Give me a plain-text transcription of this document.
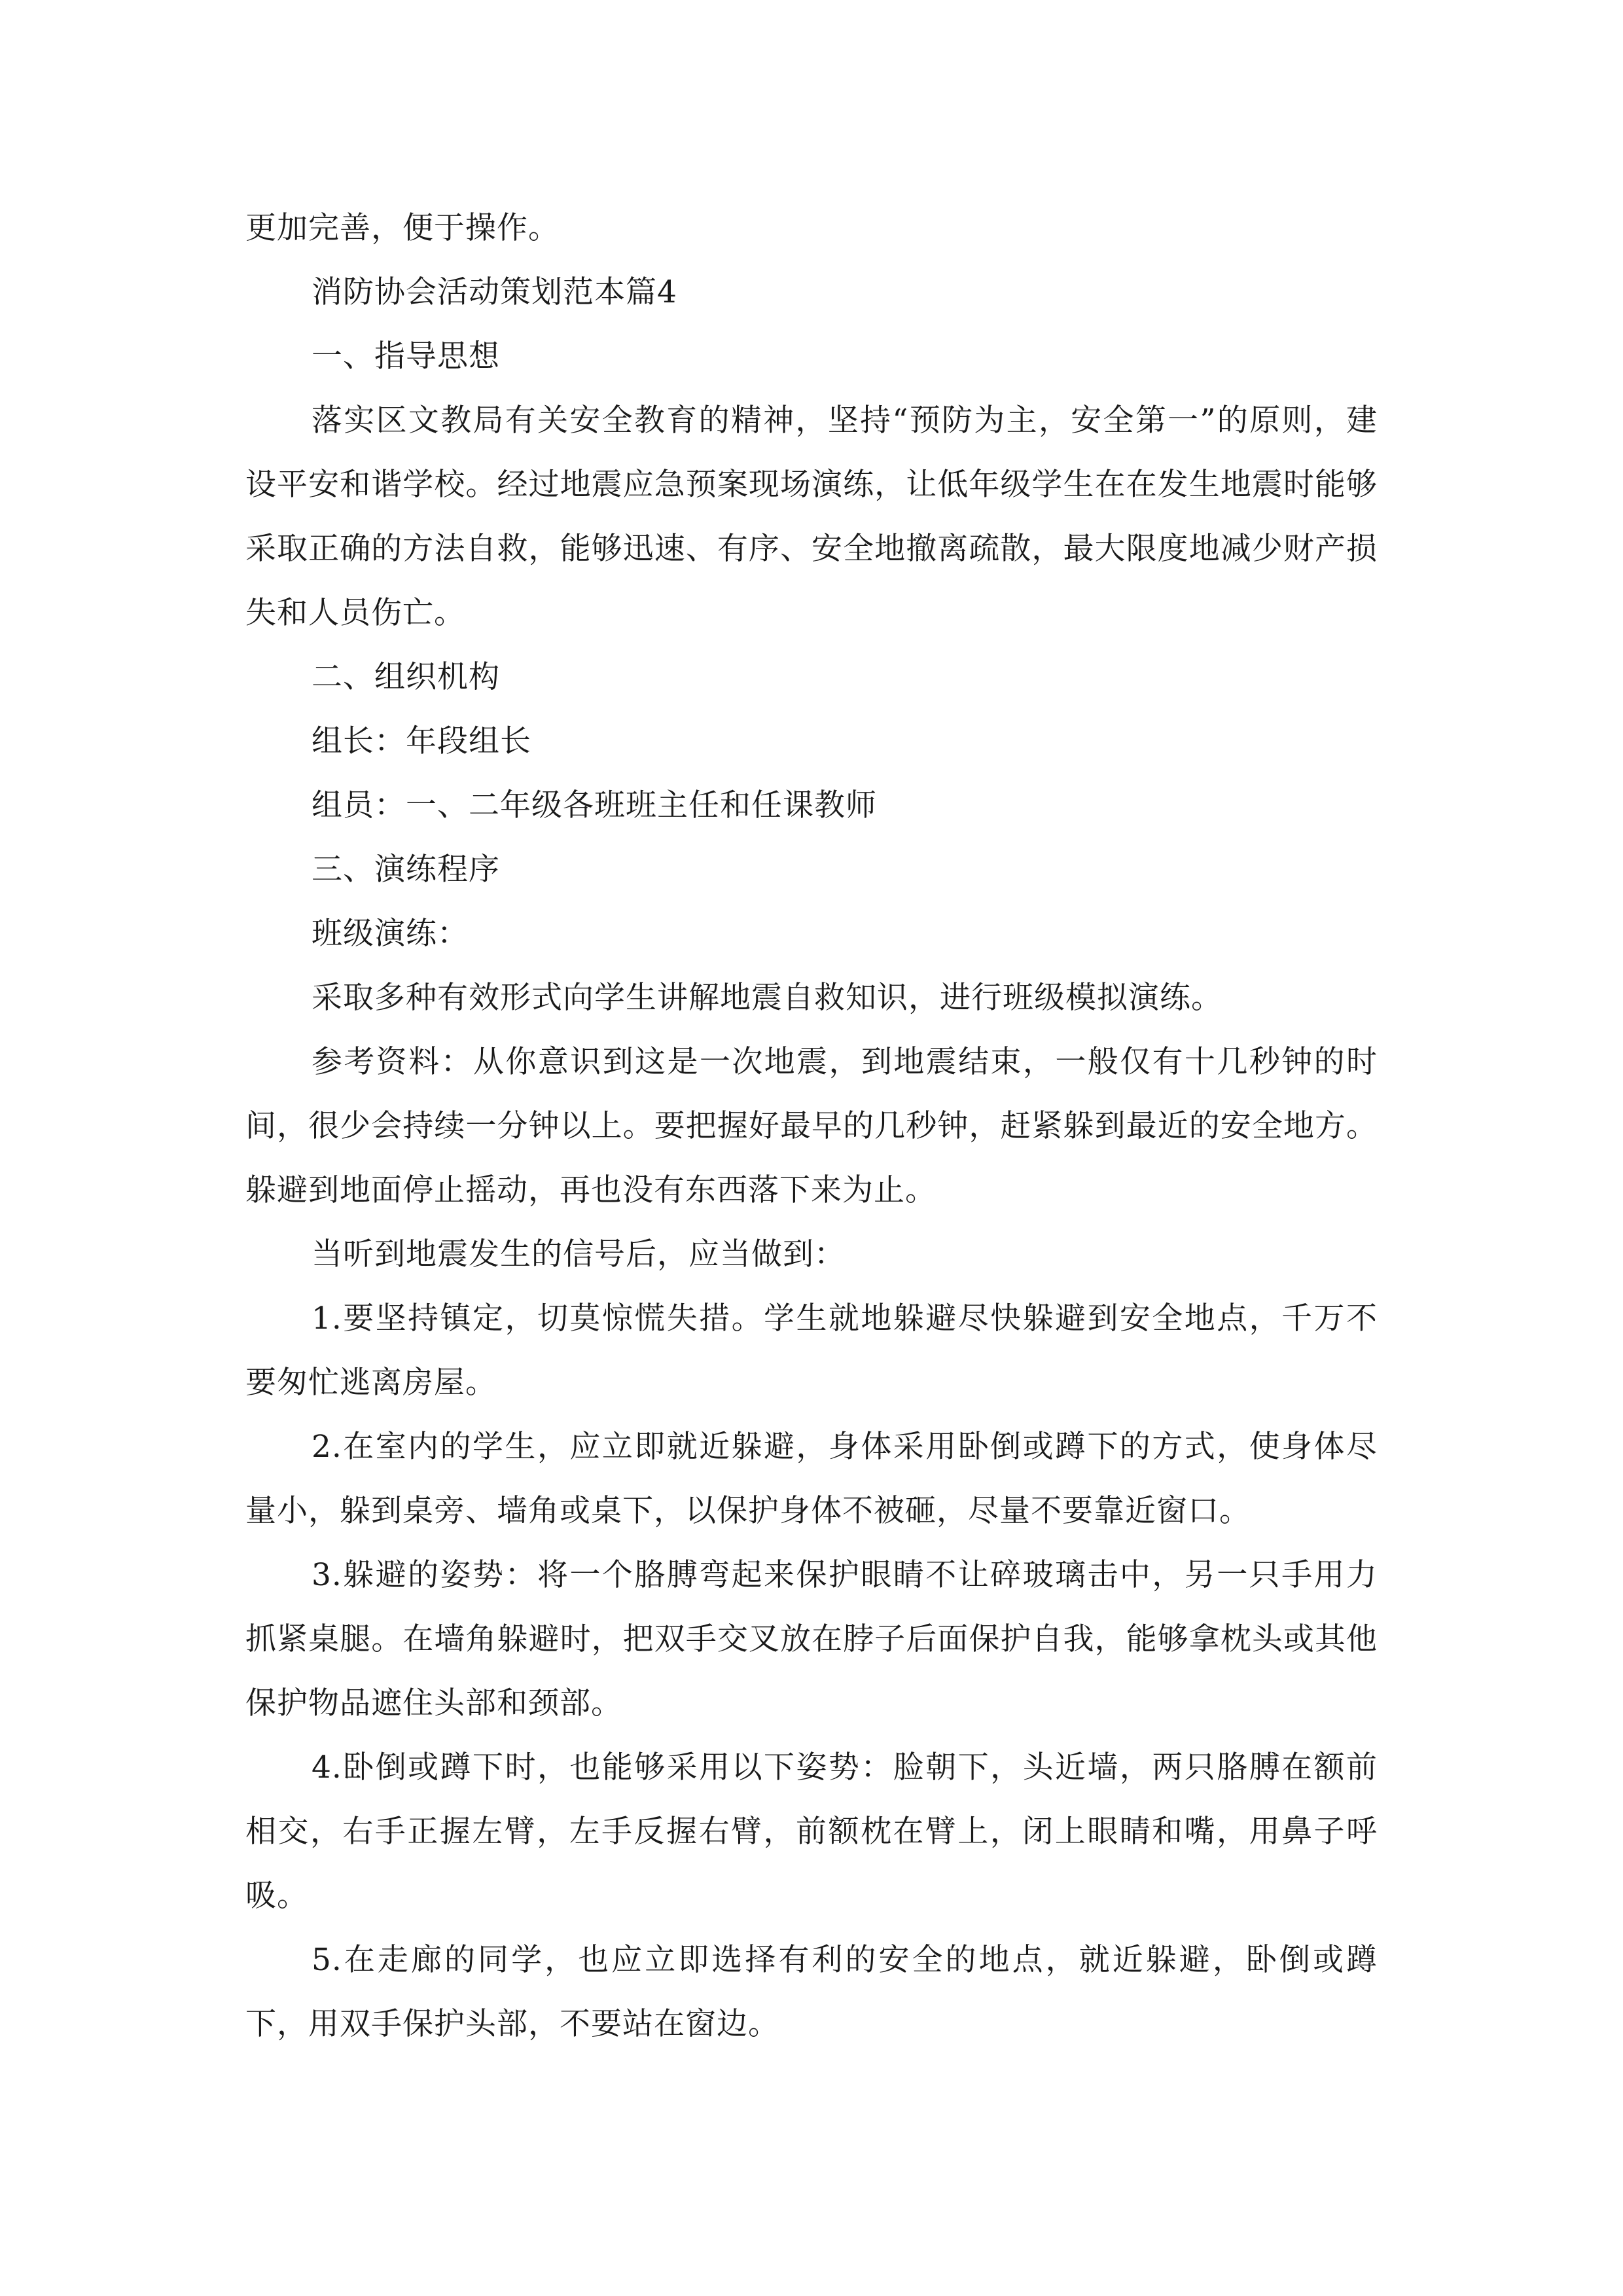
更加完善，便于操作。

消防协会活动策划范本篇4

一、指导思想

落实区文教局有关安全教育的精神，坚持“预防为主，安全第一”的原则，建设平安和谐学校。经过地震应急预案现场演练，让低年级学生在在发生地震时能够采取正确的方法自救，能够迅速、有序、安全地撤离疏散，最大限度地减少财产损失和人员伤亡。

二、组织机构

组长：年段组长

组员：一、二年级各班班主任和任课教师

三、演练程序

班级演练：

采取多种有效形式向学生讲解地震自救知识，进行班级模拟演练。

参考资料：从你意识到这是一次地震，到地震结束，一般仅有十几秒钟的时间，很少会持续一分钟以上。要把握好最早的几秒钟，赶紧躲到最近的安全地方。躲避到地面停止摇动，再也没有东西落下来为止。

当听到地震发生的信号后，应当做到：

1.要坚持镇定，切莫惊慌失措。学生就地躲避尽快躲避到安全地点，千万不要匆忙逃离房屋。

2.在室内的学生，应立即就近躲避，身体采用卧倒或蹲下的方式，使身体尽量小，躲到桌旁、墙角或桌下，以保护身体不被砸，尽量不要靠近窗口。

3.躲避的姿势：将一个胳膊弯起来保护眼睛不让碎玻璃击中，另一只手用力抓紧桌腿。在墙角躲避时，把双手交叉放在脖子后面保护自我，能够拿枕头或其他保护物品遮住头部和颈部。

4.卧倒或蹲下时，也能够采用以下姿势：脸朝下，头近墙，两只胳膊在额前相交，右手正握左臂，左手反握右臂，前额枕在臂上，闭上眼睛和嘴，用鼻子呼吸。

5.在走廊的同学，也应立即选择有利的安全的地点，就近躲避，卧倒或蹲下，用双手保护头部，不要站在窗边。
